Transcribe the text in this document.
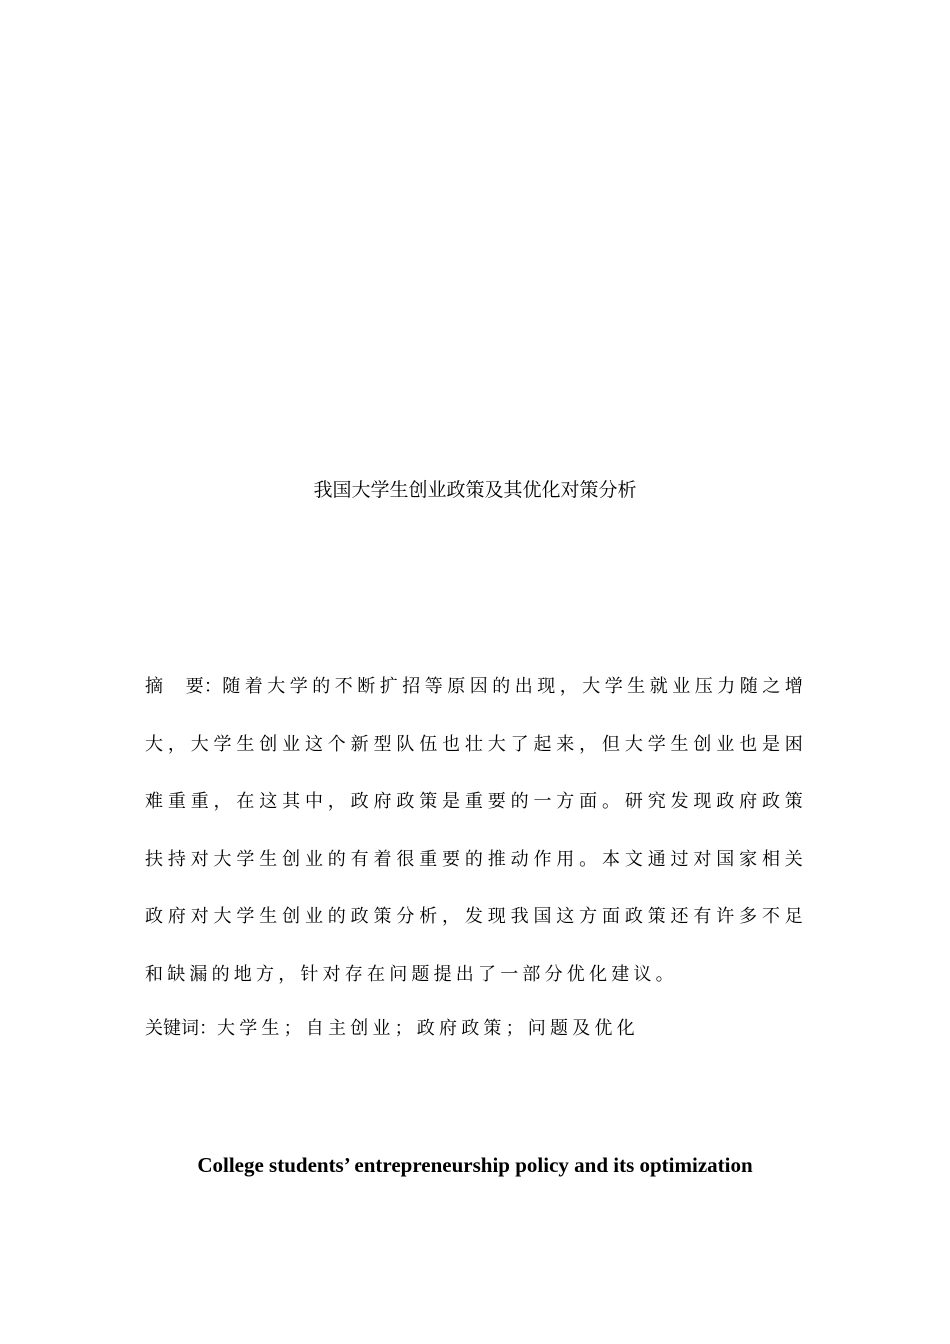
我国大学生创业政策及其优化对策分析
摘 要：随着大学的不断扩招等原因的出现，大学生就业压力随之增大，大学生创业这个新型队伍也壮大了起来，但大学生创业也是困难重重，在这其中，政府政策是重要的一方面。研究发现政府政策扶持对大学生创业的有着很重要的推动作用。本文通过对国家相关政府对大学生创业的政策分析，发现我国这方面政策还有许多不足和缺漏的地方，针对存在问题提出了一部分优化建议。
关键词：大学生；自主创业；政府政策；问题及优化
College students’ entrepreneurship policy and its optimization
